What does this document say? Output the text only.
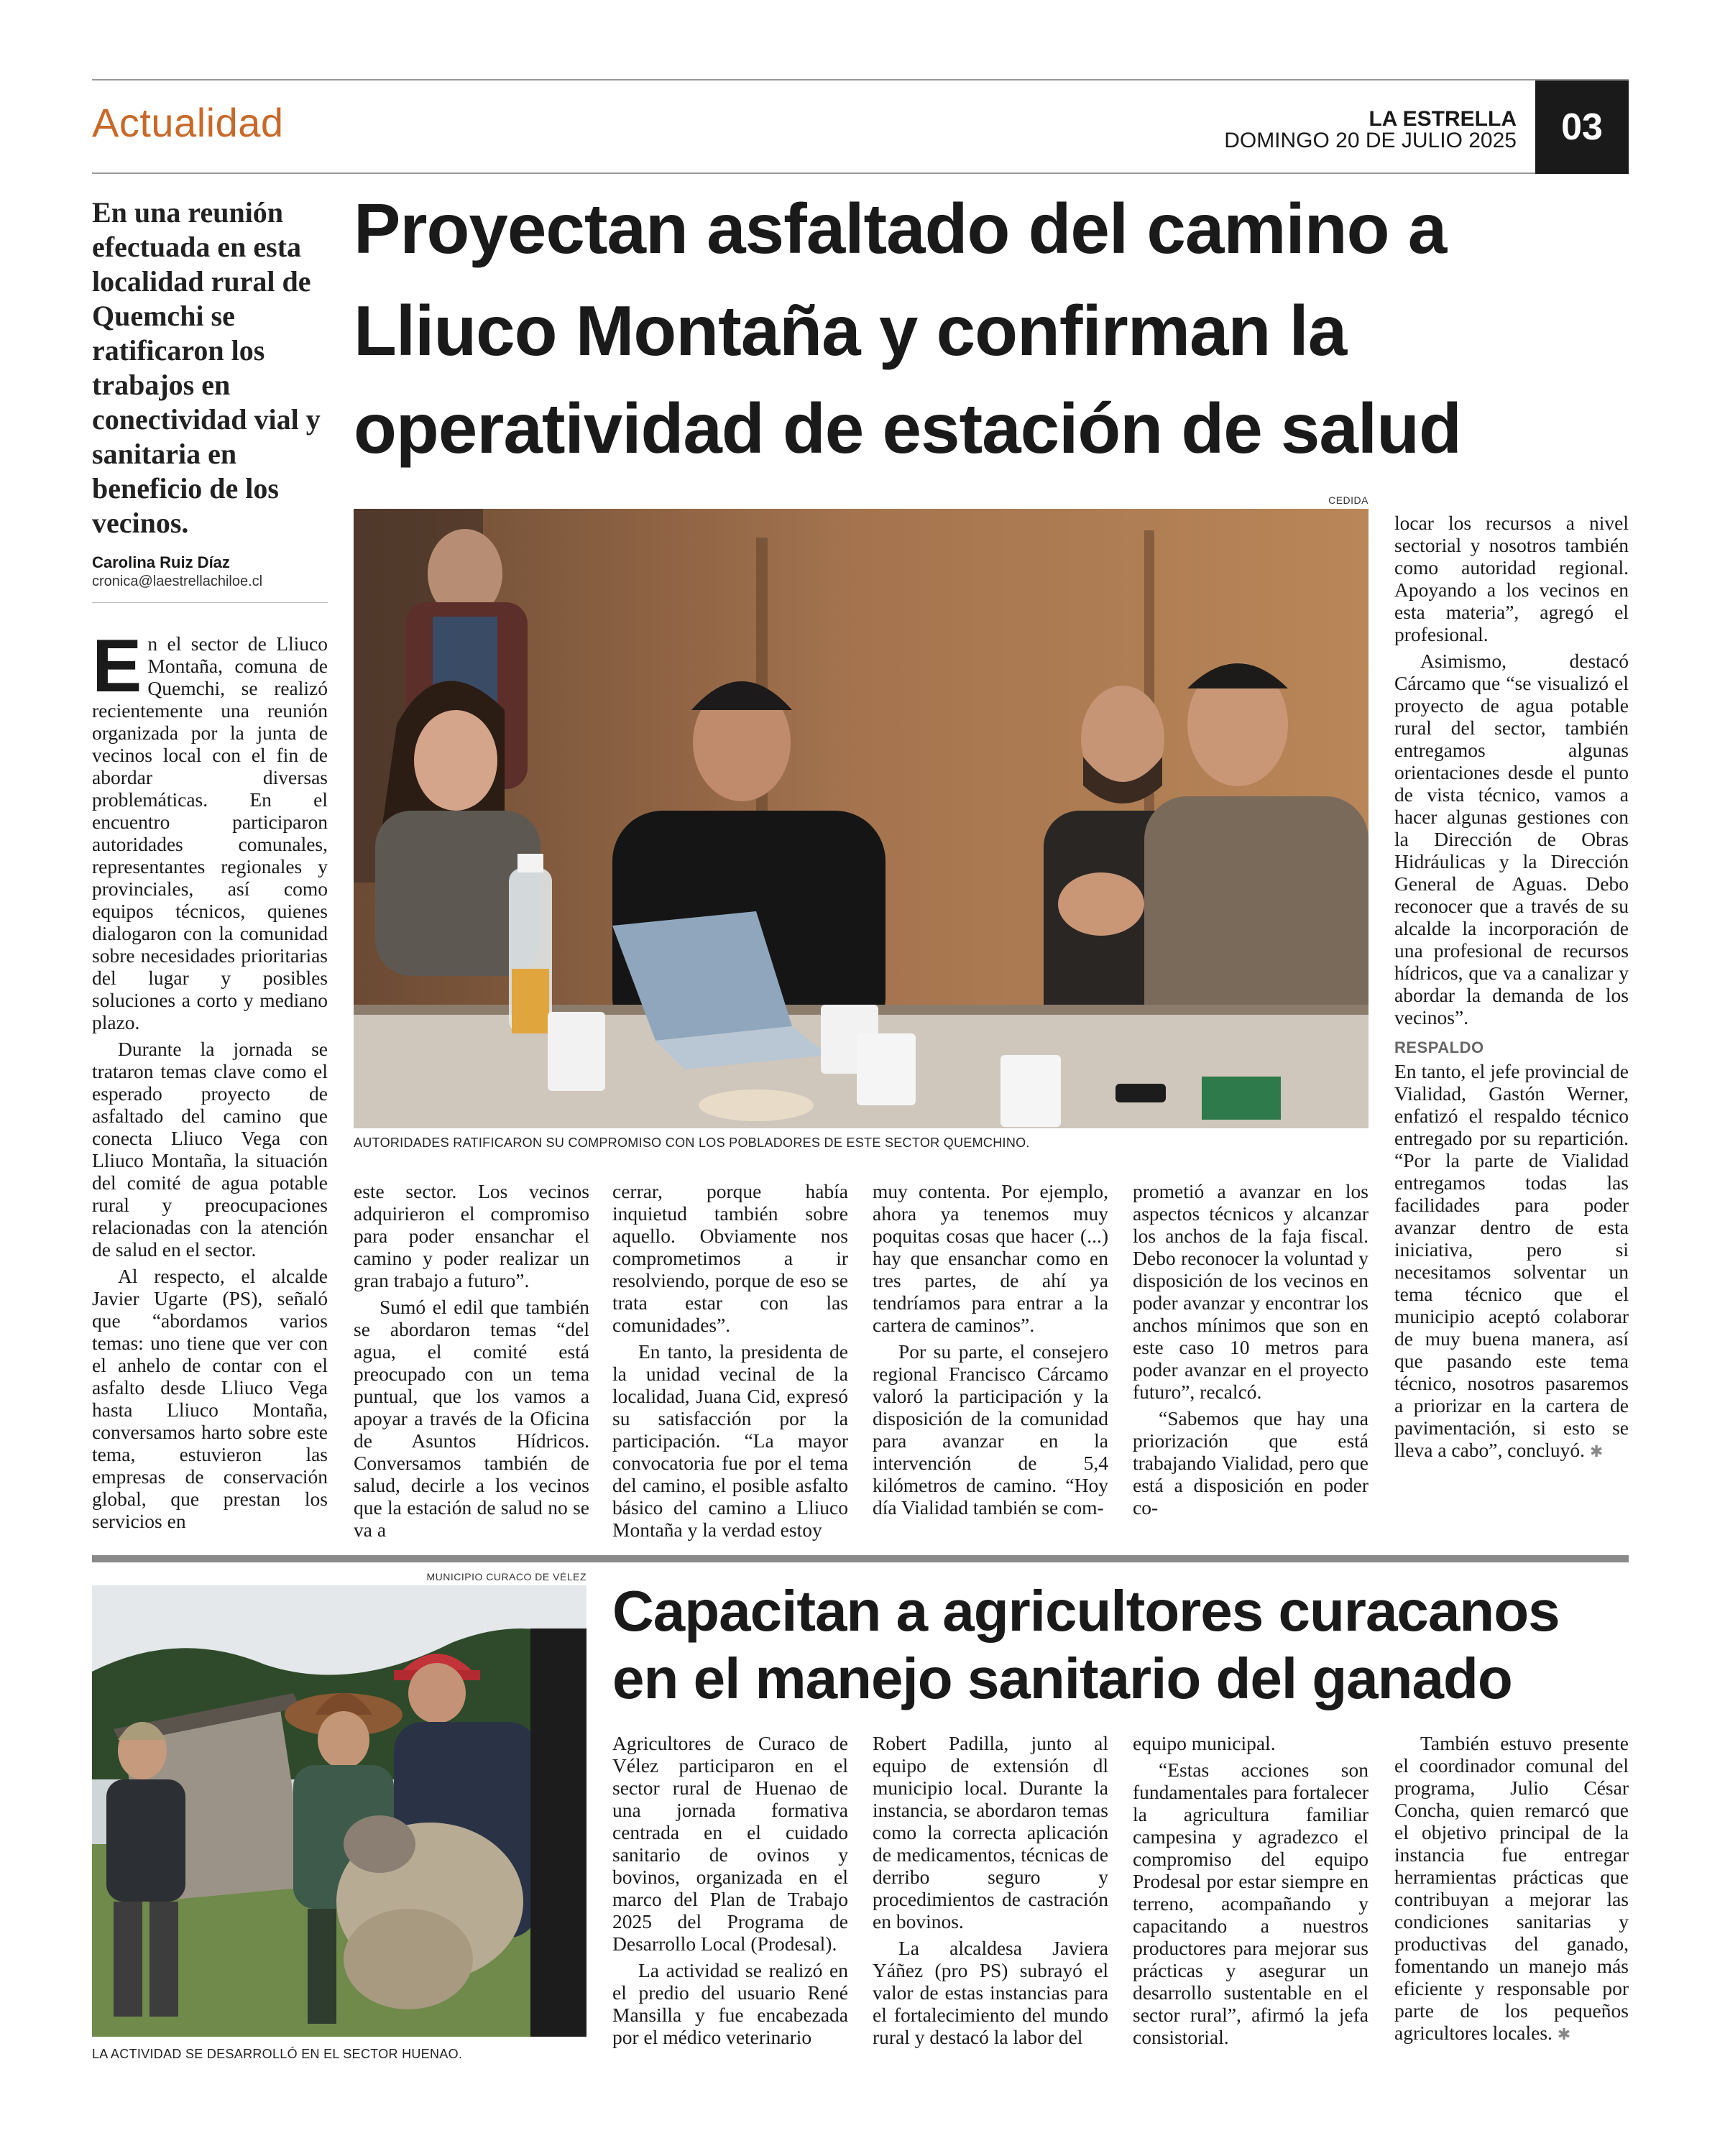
Actualidad	LA ESTRELLA
DOMINGO 20 DE JULIO 2025	03
En una reunión efectuada en esta localidad rural de Quemchi se ratificaron los trabajos en conectividad vial y sanitaria en beneficio de los vecinos.
Carolina Ruiz Díaz
cronica@laestrellachiloe.cl
Proyectan asfaltado del camino a
Lliuco Montaña y confirman la
operatividad de estación de salud
CEDIDA
AUTORIDADES RATIFICARON SU COMPROMISO CON LOS POBLADORES DE ESTE SECTOR QUEMCHINO.

En el sector de Lliuco Montaña, comuna de Quemchi, se realizó recientemente una reunión organizada por la junta de vecinos local con el fin de abordar diversas problemáticas. En el encuentro participaron autoridades comunales, representantes regionales y provinciales, así como equipos técnicos, quienes dialogaron con la comunidad sobre necesidades prioritarias del lugar y posibles soluciones a corto y mediano plazo.

Durante la jornada se trataron temas clave como el esperado proyecto de asfaltado del camino que conecta Lliuco Vega con Lliuco Montaña, la situación del comité de agua potable rural y preocupaciones relacionadas con la atención de salud en el sector.

Al respecto, el alcalde Javier Ugarte (PS), señaló que “abordamos varios temas: uno tiene que ver con el anhelo de contar con el asfalto desde Lliuco Vega hasta Lliuco Montaña, conversamos harto sobre este tema, estuvieron las empresas de conservación global, que prestan los servicios en

este sector. Los vecinos adquirieron el compromiso para poder ensanchar el camino y poder realizar un gran trabajo a futuro”.

Sumó el edil que también se abordaron temas “del agua, el comité está preocupado con un tema puntual, que los vamos a apoyar a través de la Oficina de Asuntos Hídricos. Conversamos también de salud, decirle a los vecinos que la estación de salud no se va a

cerrar, porque había inquietud también sobre aquello. Obviamente nos comprometimos a ir resolviendo, porque de eso se trata estar con las comunidades”.

En tanto, la presidenta de la unidad vecinal de la localidad, Juana Cid, expresó su satisfacción por la participación. “La mayor convocatoria fue por el tema del camino, el posible asfalto básico del camino a Lliuco Montaña y la verdad estoy

muy contenta. Por ejemplo, ahora ya tenemos muy poquitas cosas que hacer (...) hay que ensanchar como en tres partes, de ahí ya tendríamos para entrar a la cartera de caminos”.

Por su parte, el consejero regional Francisco Cárcamo valoró la participación y la disposición de la comunidad para avanzar en la intervención de 5,4 kilómetros de camino. “Hoy día Vialidad también se com-

prometió a avanzar en los aspectos técnicos y alcanzar los anchos de la faja fiscal. Debo reconocer la voluntad y disposición de los vecinos en poder avanzar y encontrar los anchos mínimos que son en este caso 10 metros para poder avanzar en el proyecto futuro”, recalcó.

“Sabemos que hay una priorización que está trabajando Vialidad, pero que está a disposición en poder co-

locar los recursos a nivel sectorial y nosotros también como autoridad regional. Apoyando a los vecinos en esta materia”, agregó el profesional.

Asimismo, destacó Cárcamo que “se visualizó el proyecto de agua potable rural del sector, también entregamos algunas orientaciones desde el punto de vista técnico, vamos a hacer algunas gestiones con la Dirección de Obras Hidráulicas y la Dirección General de Aguas. Debo reconocer que a través de su alcalde la incorporación de una profesional de recursos hídricos, que va a canalizar y abordar la demanda de los vecinos”.

RESPALDO

En tanto, el jefe provincial de Vialidad, Gastón Werner, enfatizó el respaldo técnico entregado por su repartición. “Por la parte de Vialidad entregamos todas las facilidades para poder avanzar dentro de esta iniciativa, pero si necesitamos solventar un tema técnico que el municipio aceptó colaborar de muy buena manera, así que pasando este tema técnico, nosotros pasaremos a priorizar en la cartera de pavimentación, si esto se lleva a cabo”, concluyó. ✱

MUNICIPIO CURACO DE VÉLEZ
LA ACTIVIDAD SE DESARROLLÓ EN EL SECTOR HUENAO.
Capacitan a agricultores curacanos
en el manejo sanitario del ganado

Agricultores de Curaco de Vélez participaron en el sector rural de Huenao de una jornada formativa centrada en el cuidado sanitario de ovinos y bovinos, organizada en el marco del Plan de Trabajo 2025 del Programa de Desarrollo Local (Prodesal).

La actividad se realizó en el predio del usuario René Mansilla y fue encabezada por el médico veterinario

Robert Padilla, junto al equipo de extensión dl municipio local. Durante la instancia, se abordaron temas como la correcta aplicación de medicamentos, técnicas de derribo seguro y procedimientos de castración en bovinos.

La alcaldesa Javiera Yáñez (pro PS) subrayó el valor de estas instancias para el fortalecimiento del mundo rural y destacó la labor del

equipo municipal.

“Estas acciones son fundamentales para fortalecer la agricultura familiar campesina y agradezco el compromiso del equipo Prodesal por estar siempre en terreno, acompañando y capacitando a nuestros productores para mejorar sus prácticas y asegurar un desarrollo sustentable en el sector rural”, afirmó la jefa consistorial.

También estuvo presente el coordinador comunal del programa, Julio César Concha, quien remarcó que el objetivo principal de la instancia fue entregar herramientas prácticas que contribuyan a mejorar las condiciones sanitarias y productivas del ganado, fomentando un manejo más eficiente y responsable por parte de los pequeños agricultores locales. ✱
